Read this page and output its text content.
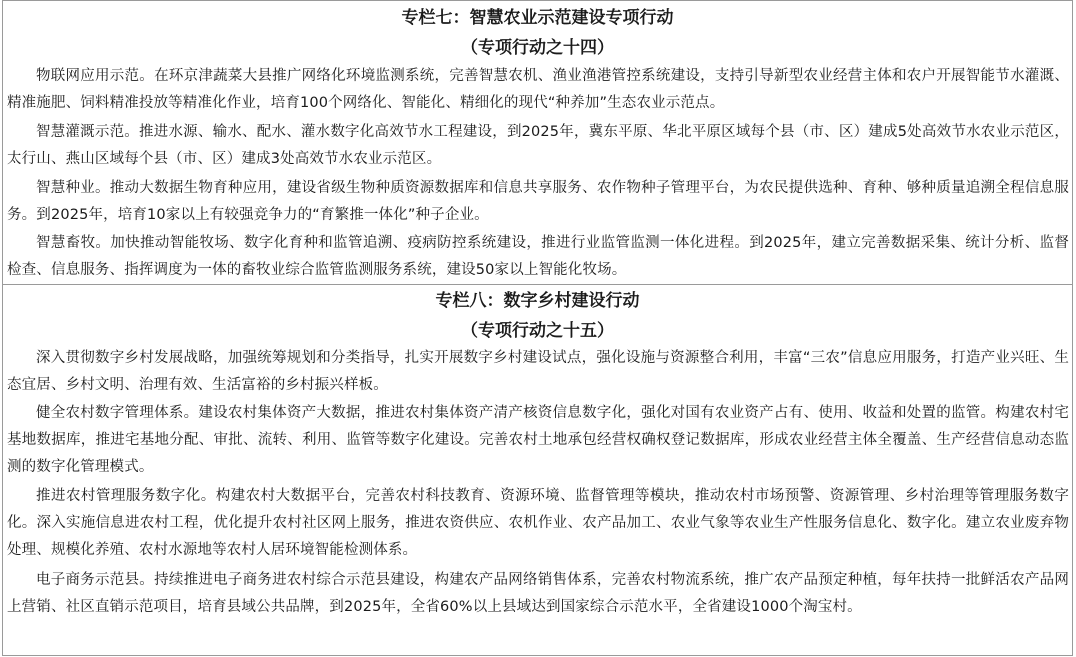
专栏七：智慧农业示范建设专项行动
（专项行动之十四）
物联网应用示范。在环京津蔬菜大县推广网络化环境监测系统，完善智慧农机、渔业渔港管控系统建设，支持引导新型农业经营主体和农户开展智能节水灌溉、精准施肥、饲料精准投放等精准化作业，培育100个网络化、智能化、精细化的现代“种养加”生态农业示范点。
智慧灌溉示范。推进水源、输水、配水、灌水数字化高效节水工程建设，到2025年，冀东平原、华北平原区域每个县（市、区）建成5处高效节水农业示范区，太行山、燕山区域每个县（市、区）建成3处高效节水农业示范区。
智慧种业。推动大数据生物育种应用，建设省级生物种质资源数据库和信息共享服务、农作物种子管理平台，为农民提供选种、育种、够种质量追溯全程信息服务。到2025年，培育10家以上有较强竞争力的“育繁推一体化”种子企业。
智慧畜牧。加快推动智能牧场、数字化育种和监管追溯、疫病防控系统建设，推进行业监管监测一体化进程。到2025年，建立完善数据采集、统计分析、监督检查、信息服务、指挥调度为一体的畜牧业综合监管监测服务系统，建设50家以上智能化牧场。
专栏八：数字乡村建设行动
（专项行动之十五）
深入贯彻数字乡村发展战略，加强统筹规划和分类指导，扎实开展数字乡村建设试点，强化设施与资源整合利用，丰富“三农”信息应用服务，打造产业兴旺、生态宜居、乡村文明、治理有效、生活富裕的乡村振兴样板。
健全农村数字管理体系。建设农村集体资产大数据，推进农村集体资产清产核资信息数字化，强化对国有农业资产占有、使用、收益和处置的监管。构建农村宅基地数据库，推进宅基地分配、审批、流转、利用、监管等数字化建设。完善农村土地承包经营权确权登记数据库，形成农业经营主体全覆盖、生产经营信息动态监测的数字化管理模式。
推进农村管理服务数字化。构建农村大数据平台，完善农村科技教育、资源环境、监督管理等模块，推动农村市场预警、资源管理、乡村治理等管理服务数字化。深入实施信息进农村工程，优化提升农村社区网上服务，推进农资供应、农机作业、农产品加工、农业气象等农业生产性服务信息化、数字化。建立农业废弃物处理、规模化养殖、农村水源地等农村人居环境智能检测体系。
电子商务示范县。持续推进电子商务进农村综合示范县建设，构建农产品网络销售体系，完善农村物流系统，推广农产品预定种植，每年扶持一批鲜活农产品网上营销、社区直销示范项目，培育县域公共品牌，到2025年，全省60%以上县域达到国家综合示范水平，全省建设1000个淘宝村。
